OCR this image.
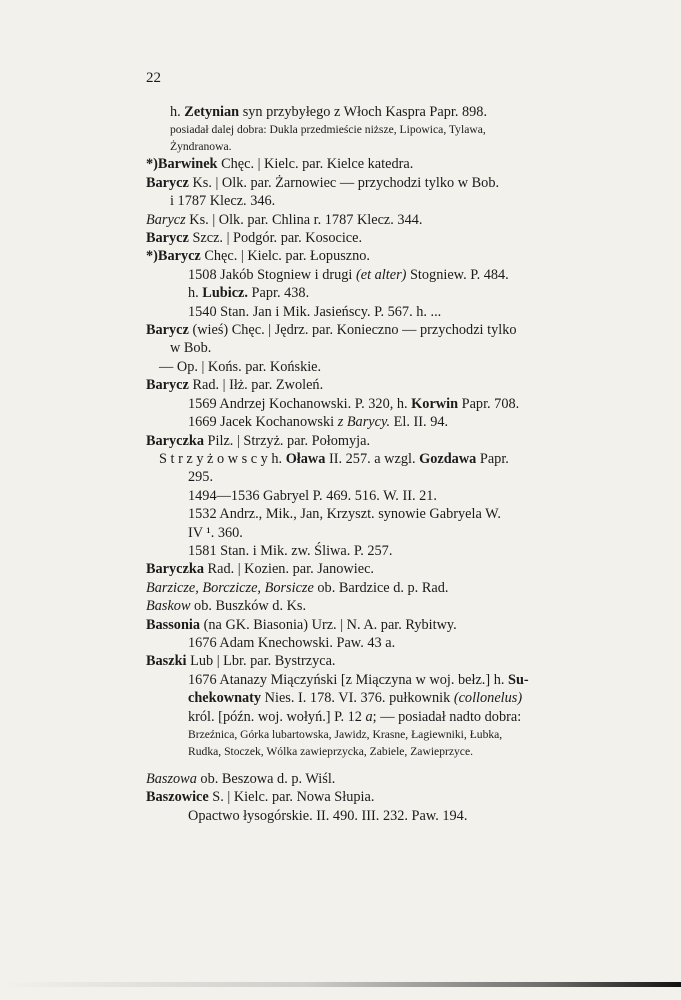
22
h. Zetynian syn przybyłego z Włoch Kaspra Papr. 898.
posiadał dalej dobra: Dukla przedmieście niższe, Lipowica, Tylawa,
Żyndranowa.
*)Barwinek Chęc. | Kielc. par. Kielce katedra.
Barycz Ks. | Olk. par. Żarnowiec — przychodzi tylko w Bob.
i 1787 Klecz. 346.
Barycz Ks. | Olk. par. Chlina r. 1787 Klecz. 344.
Barycz Szcz. | Podgór. par. Kosocice.
*)Barycz Chęc. | Kielc. par. Łopuszno.
1508 Jakób Stogniew i drugi (et alter) Stogniew. P. 484.
h. Lubicz. Papr. 438.
1540 Stan. Jan i Mik. Jasieńscy. P. 567. h. ...
Barycz (wieś) Chęc. | Jędrz. par. Konieczno — przychodzi tylko
w Bob.
— Op. | Końs. par. Końskie.
Barycz Rad. | Iłż. par. Zwoleń.
1569 Andrzej Kochanowski. P. 320, h. Korwin Papr. 708.
1669 Jacek Kochanowski z Barycy. El. II. 94.
Baryczka Pilz. | Strzyż. par. Połomyja.
S t r z y ż o w s c y h. Oława II. 257. a wzgl. Gozdawa Papr.
295.
1494—1536 Gabryel P. 469. 516. W. II. 21.
1532 Andrz., Mik., Jan, Krzyszt. synowie Gabryela W.
IV ¹. 360.
1581 Stan. i Mik. zw. Śliwa. P. 257.
Baryczka Rad. | Kozien. par. Janowiec.
Barzicze, Borczicze, Borsicze ob. Bardzice d. p. Rad.
Baskow ob. Buszków d. Ks.
Bassonia (na GK. Biasonia) Urz. | N. A. par. Rybitwy.
1676 Adam Knechowski. Paw. 43 a.
Baszki Lub | Lbr. par. Bystrzyca.
1676 Atanazy Miączyński [z Miączyna w woj. bełz.] h. Su-
chekownaty Nies. I. 178. VI. 376. pułkownik (collonelus)
król. [późn. woj. wołyń.] P. 12 a; — posiadał nadto dobra:
Brzeźnica, Górka lubartowska, Jawidz, Krasne, Łagiewniki, Łubka,
Rudka, Stoczek, Wólka zawieprzycka, Zabiele, Zawieprzyce.
Baszowa ob. Beszowa d. p. Wiśl.
Baszowice S. | Kielc. par. Nowa Słupia.
Opactwo łysogórskie. II. 490. III. 232. Paw. 194.
